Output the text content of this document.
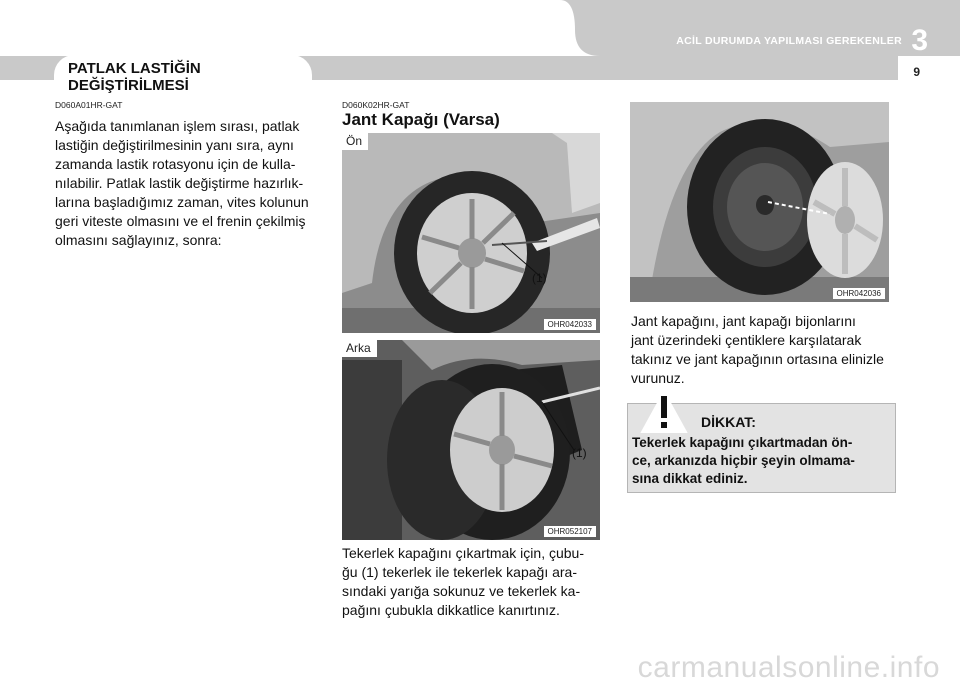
ACİL DURUMDA YAPILMASI GEREKENLER 3
9
PATLAK LASTİĞİN
DEĞİŞTİRİLMESİ
D060A01HR-GAT
Aşağıda tanımlanan işlem sırası, patlak
lastiğin değiştirilmesinin yanı sıra, aynı
zamanda lastik rotasyonu için de kulla-
nılabilir. Patlak lastik değiştirme hazırlık-
larına başladığımız zaman, vites kolunun
geri viteste olmasını ve el frenin çekilmiş
olmasını sağlayınız, sonra:
D060K02HR-GAT
Jant Kapağı (Varsa)
Ön
(1)
OHR042033
Arka
(1)
OHR052107
Tekerlek kapağını çıkartmak için, çubu-
ğu (1) tekerlek ile tekerlek kapağı ara-
sındaki yarığa sokunuz ve tekerlek ka-
pağını çubukla dikkatlice kanırtınız.
OHR042036
Jant kapağını, jant kapağı bijonlarını
jant üzerindeki çentiklere karşılatarak
takınız ve jant kapağının ortasına elinizle
vurunuz.
DİKKAT:
Tekerlek kapağını çıkartmadan ön-
ce, arkanızda hiçbir şeyin olmama-
sına dikkat ediniz.
carmanualsonline.info
